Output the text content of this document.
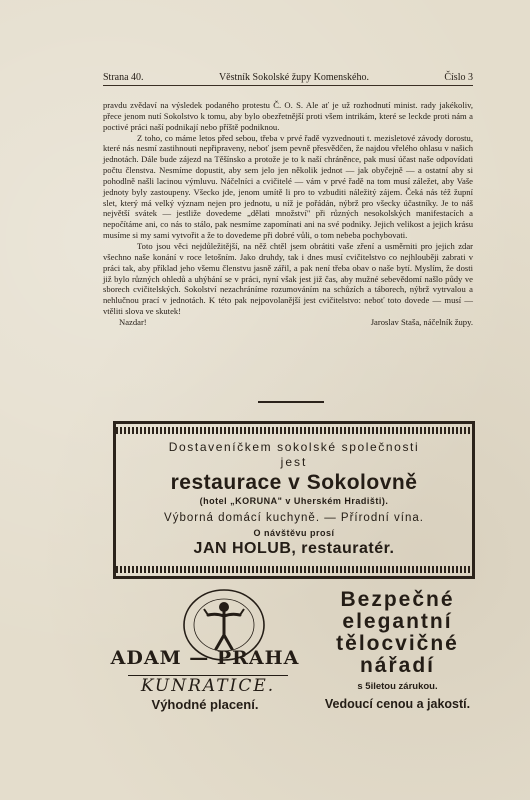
Strana 40.	Věstník Sokolské župy Komenského.	Číslo 3

pravdu zvědaví na výsledek podaného protestu Č. O. S. Ale ať je už rozhodnutí minist. rady jakékoliv, přece jenom nutí Sokolstvo k tomu, aby bylo obezřetnější proti všem intrikám, které se leckde proti nám a poctivé práci naší podnikají nebo příště podniknou.

Z toho, co máme letos před sebou, třeba v prvé řadě vyzvednouti t. mezisletové závody dorostu, které nás nesmí zastihnouti nepřipraveny, neboť jsem pevně přesvědčen, že najdou vřelého ohlasu v našich jednotách. Dále bude zájezd na Těšínsko a protože je to k naší chráněnce, pak musí účast naše odpovídati počtu členstva. Nesmíme dopustit, aby sem jelo jen několik jednot — jak obyčejně — a ostatní aby si pohodlně našli lacinou výmluvu. Náčelníci a cvičitelé — vám v prvé řadě na tom musí záležet, aby Vaše jednoty byly zastoupeny. Všecko jde, jenom umítě li pro to vzbuditi náležitý zájem. Čeká nás též župní slet, který má velký význam nejen pro jednotu, u níž je pořádán, nýbrž pro všecky účastníky. Je to náš největší svátek — jestliže dovedeme „dělati množství" při různých nesokolských manifestacích a nepočítáme ani, co nás to stálo, pak nesmíme zapomínati ani na své podniky. Jejich velikost a jejich krásu musíme si my sami vytvořit a že to dovedeme při dobré vůli, o tom nebeba pochybovati.

Toto jsou věci nejdůležitější, na něž chtěl jsem obrátiti vaše zření a usměrniti pro jejich zdar všechno naše konání v roce letošním. Jako druhdy, tak i dnes musí cvičitelstvo co nejhlouběji zabrati v práci tak, aby příklad jeho všemu členstvu jasně zářil, a pak není třeba obav o naše bytí. Myslím, že dosti již bylo různých ohledů a uhýbání se v práci, nyní však jest již čas, aby mužné sebevědomí našlo půdy ve sborech cvičitelských. Sokolství nezachráníme rozumováním na schůzích a táborech, nýbrž vytrvalou a nehlučnou prací v jednotách. K této pak nejpovolanější jest cvičitelstvo: neboť toto dovede — musí — vtěliti slova ve skutek!

Nazdar!	Jaroslav Staša, náčelník župy.
Dostaveníčkem sokolské společnosti
jest
restaurace v Sokolovně
(hotel „KORUNA" v Uherském Hradišti).
Výborná domácí kuchyně. — Přírodní vína.
O návštěvu prosí
JAN HOLUB, restauratér.
ADAM — PRAHA
KUNRATICE.
Výhodné placení.
Bezpečné
elegantní
tělocvičné
nářadí
s 5iletou zárukou.
Vedoucí cenou a jakostí.
